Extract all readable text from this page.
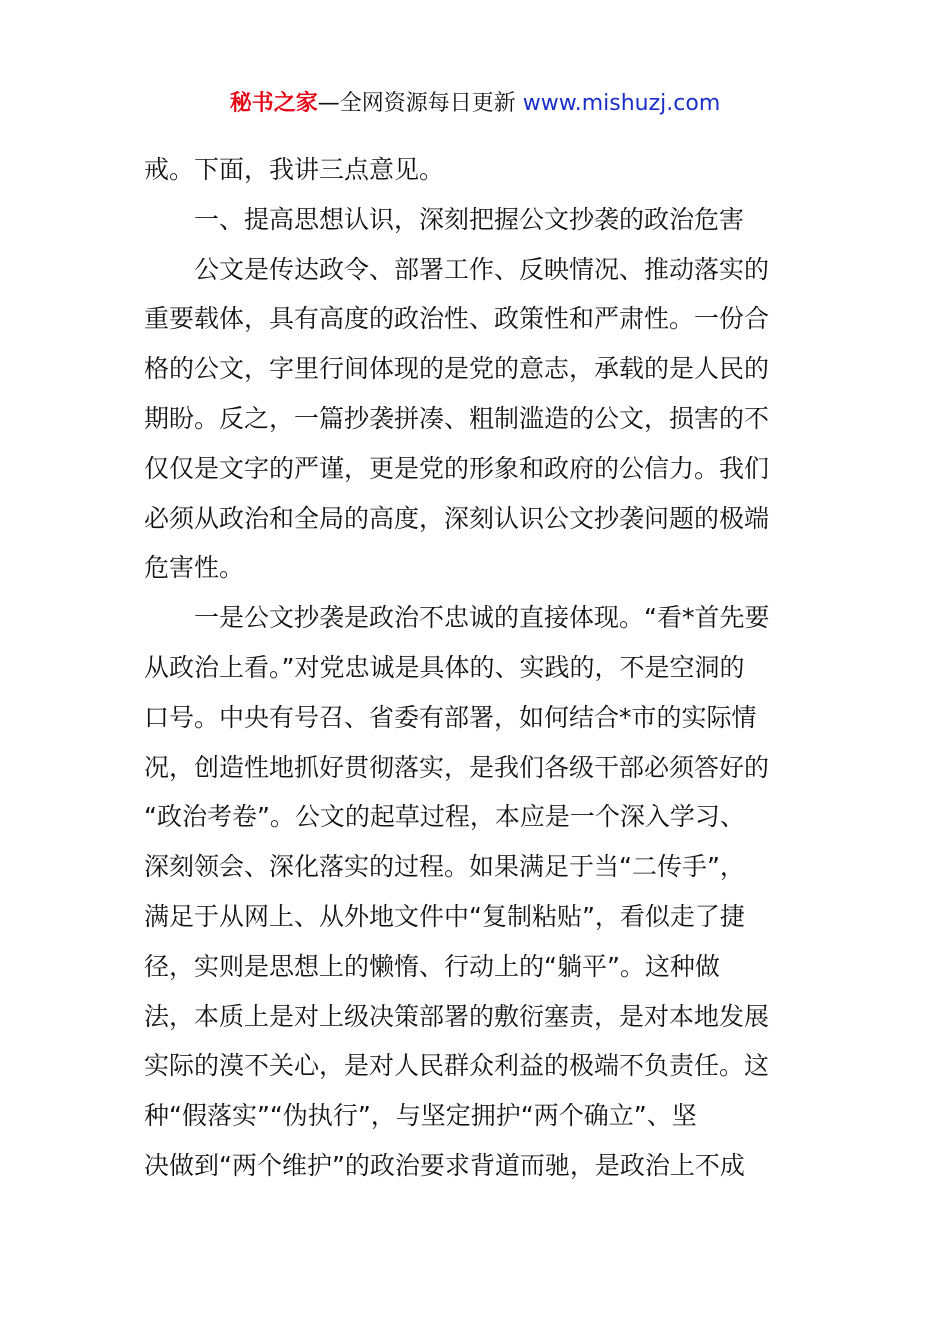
秘书之家—全网资源每日更新 www.mishuzj.com
戒。下面，我讲三点意见。
一、提高思想认识，深刻把握公文抄袭的政治危害
公文是传达政令、部署工作、反映情况、推动落实的
重要载体，具有高度的政治性、政策性和严肃性。一份合
格的公文，字里行间体现的是党的意志，承载的是人民的
期盼。反之，一篇抄袭拼凑、粗制滥造的公文，损害的不
仅仅是文字的严谨，更是党的形象和政府的公信力。我们
必须从政治和全局的高度，深刻认识公文抄袭问题的极端
危害性。
一是公文抄袭是政治不忠诚的直接体现。“看*首先要
从政治上看。”对党忠诚是具体的、实践的，不是空洞的
口号。中央有号召、省委有部署，如何结合*市的实际情
况，创造性地抓好贯彻落实，是我们各级干部必须答好的
“政治考卷”。公文的起草过程，本应是一个深入学习、
深刻领会、深化落实的过程。如果满足于当“二传手”，
满足于从网上、从外地文件中“复制粘贴”，看似走了捷
径，实则是思想上的懒惰、行动上的“躺平”。这种做
法，本质上是对上级决策部署的敷衍塞责，是对本地发展
实际的漠不关心，是对人民群众利益的极端不负责任。这
种“假落实”“伪执行”，与坚定拥护“两个确立”、坚
决做到“两个维护”的政治要求背道而驰，是政治上不成
